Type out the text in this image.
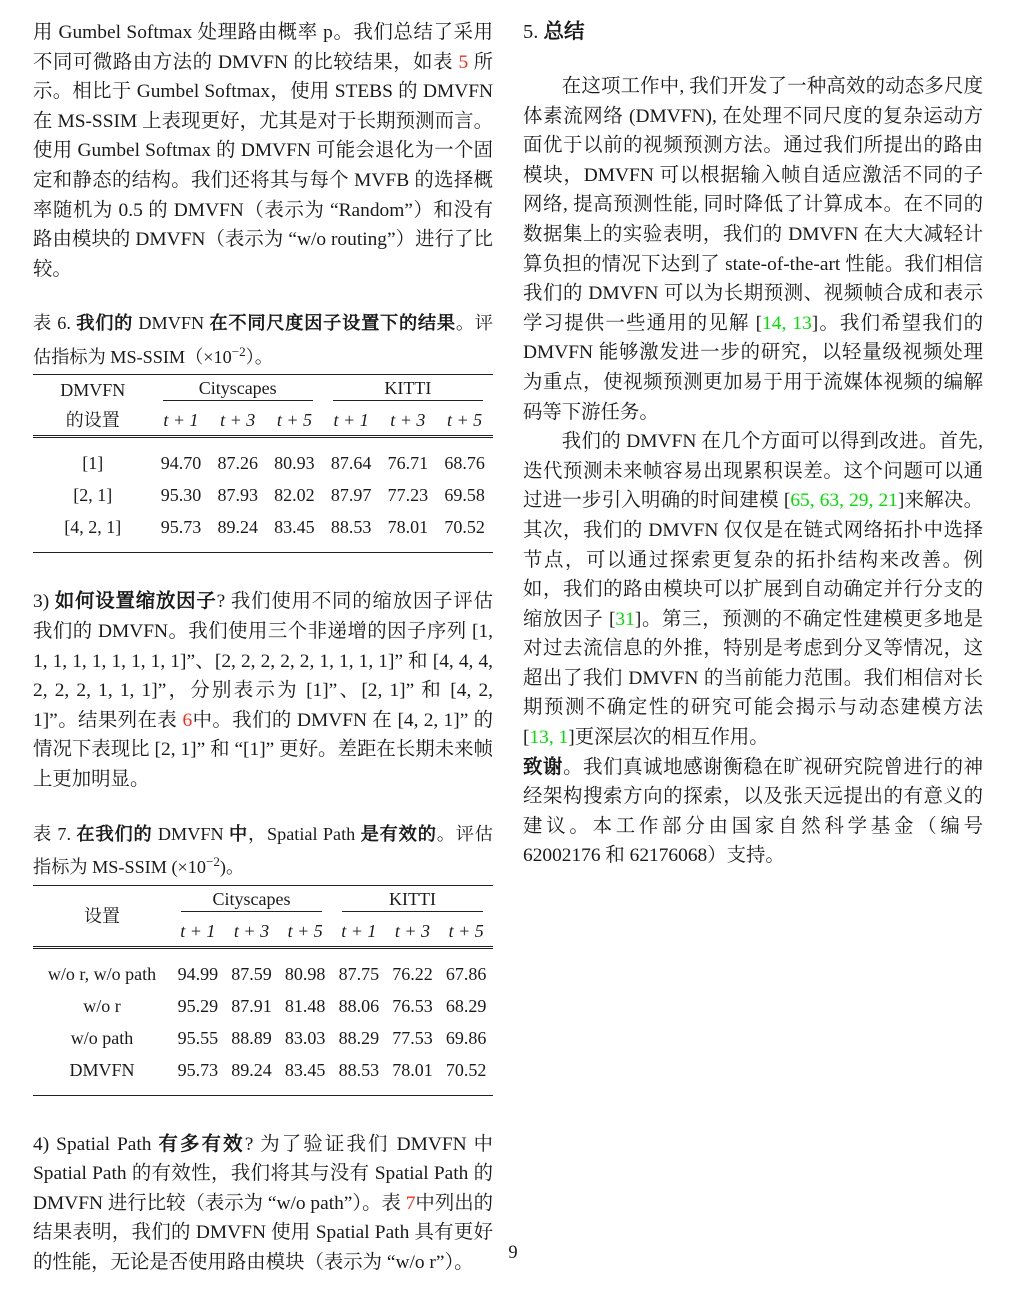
用 Gumbel Softmax 处理路由概率 p。我们总结了采用不同可微路由方法的 DMVFN 的比较结果，如表 5 所示。相比于 Gumbel Softmax，使用 STEBS 的 DMVFN 在 MS-SSIM 上表现更好，尤其是对于长期预测而言。使用 Gumbel Softmax 的 DMVFN 可能会退化为一个固定和静态的结构。我们还将其与每个 MVFB 的选择概率随机为 0.5 的 DMVFN（表示为 “Random”）和没有路由模块的 DMVFN（表示为 “w/o routing”）进行了比较。

表 6. 我们的 DMVFN 在不同尺度因子设置下的结果。评估指标为 $MS-SSIM(\times 10^{-2})$。

DMVFN	Cityscapes			KITTI		

的设置	t + 1	t + 3	t + 5	t + 1	t + 3	t + 5

[1]	94.70	87.26	80.93	87.64	76.71	68.76
[2, 1]	95.30	87.93	82.02	87.97	77.23	69.58
[4, 2, 1]	95.73	89.24	83.45	88.53	78.01	70.52

3) 如何设置缩放因子? 我们使用不同的缩放因子评估我们的 DMVFN。我们使用三个非递增的因子序列 [1, 1, 1, 1, 1, 1, 1, 1, 1]”、[2, 2, 2, 2, 2, 1, 1, 1, 1]” 和 [4, 4, 4, 2, 2, 2, 1, 1, 1]”，分别表示为 [1]”、[2, 1]” 和 [4, 2, 1]”。结果列在表 6中。我们的 DMVFN 在 [4, 2, 1]” 的情况下表现比 [2, 1]” 和 “[1]” 更好。差距在长期未来帧上更加明显。

表 7. 在我们的 DMVFN 中，Spatial Path 是有效的。评估指标为 MS-SSIM $(\times 10^{-2})$。

设置	Cityscapes			KITTI		

	t + 1	t + 3	t + 5	t + 1	t + 3	t + 5

w/o r, w/o path	94.99	87.59	80.98	87.75	76.22	67.86
w/o r	95.29	87.91	81.48	88.06	76.53	68.29
w/o path	95.55	88.89	83.03	88.29	77.53	69.86
DMVFN	95.73	89.24	83.45	88.53	78.01	70.52

4) Spatial Path 有多有效? 为了验证我们 DMVFN 中 Spatial Path 的有效性，我们将其与没有 Spatial Path 的 DMVFN 进行比较（表示为 “w/o path”）。表 7中列出的结果表明，我们的 DMVFN 使用 Spatial Path 具有更好的性能，无论是否使用路由模块（表示为 “w/o r”）。

5. 总结

在这项工作中, 我们开发了一种高效的动态多尺度体素流网络 (DMVFN), 在处理不同尺度的复杂运动方面优于以前的视频预测方法。通过我们所提出的路由模块，DMVFN 可以根据输入帧自适应激活不同的子网络, 提高预测性能, 同时降低了计算成本。在不同的数据集上的实验表明，我们的 DMVFN 在大大减轻计算负担的情况下达到了 state-of-the-art 性能。我们相信我们的 DMVFN 可以为长期预测、视频帧合成和表示学习提供一些通用的见解 [14, 13]。我们希望我们的 DMVFN 能够激发进一步的研究，以轻量级视频处理为重点，使视频预测更加易于用于流媒体视频的编解码等下游任务。

我们的 DMVFN 在几个方面可以得到改进。首先, 迭代预测未来帧容易出现累积误差。这个问题可以通过进一步引入明确的时间建模 [65, 63, 29, 21]来解决。其次，我们的 DMVFN 仅仅是在链式网络拓扑中选择节点，可以通过探索更复杂的拓扑结构来改善。例如，我们的路由模块可以扩展到自动确定并行分支的缩放因子 [31]。第三，预测的不确定性建模更多地是对过去流信息的外推，特别是考虑到分叉等情况，这超出了我们 DMVFN 的当前能力范围。我们相信对长期预测不确定性的研究可能会揭示与动态建模方法 [13, 1]更深层次的相互作用。

致谢。我们真诚地感谢衡稳在旷视研究院曾进行的神经架构搜索方向的探索，以及张天远提出的有意义的建议。本工作部分由国家自然科学基金（编号 62002176 和 62176068）支持。

9
